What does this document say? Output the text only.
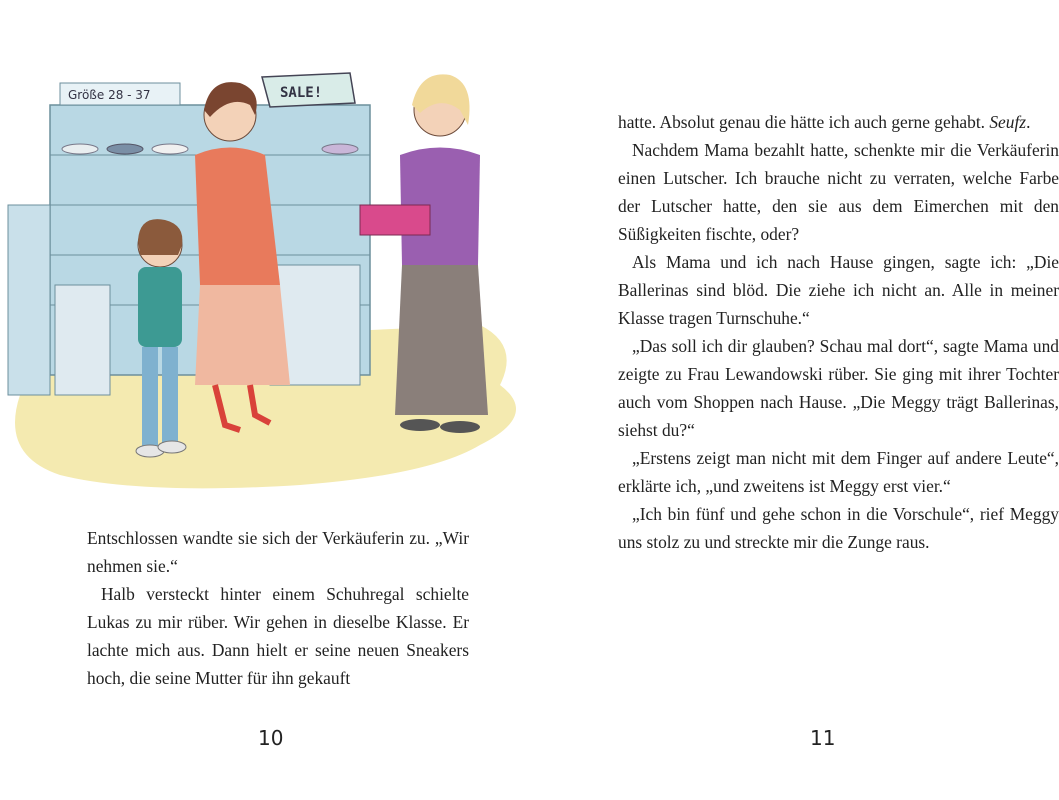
Größe 28 - 37	SALE!

Entschlossen wandte sie sich der Verkäuferin zu. „Wir nehmen sie.“

Halb versteckt hinter einem Schuhregal schielte Lukas zu mir rüber. Wir gehen in dieselbe Klasse. Er lachte mich aus. Dann hielt er seine neuen Sneakers hoch, die seine Mutter für ihn gekauft

10

hatte. Absolut genau die hätte ich auch gerne gehabt. Seufz.

Nachdem Mama bezahlt hatte, schenkte mir die Verkäuferin einen Lutscher. Ich brauche nicht zu verraten, welche Farbe der Lutscher hatte, den sie aus dem Eimerchen mit den Süßigkeiten fischte, oder?

Als Mama und ich nach Hause gingen, sagte ich: „Die Ballerinas sind blöd. Die ziehe ich nicht an. Alle in meiner Klasse tragen Turnschuhe.“

„Das soll ich dir glauben? Schau mal dort“, sagte Mama und zeigte zu Frau Lewandowski rüber. Sie ging mit ihrer Tochter auch vom Shoppen nach Hause. „Die Meggy trägt Ballerinas, siehst du?“

„Erstens zeigt man nicht mit dem Finger auf andere Leute“, erklärte ich, „und zweitens ist Meggy erst vier.“

„Ich bin fünf und gehe schon in die Vorschule“, rief Meggy uns stolz zu und streckte mir die Zunge raus.

11
